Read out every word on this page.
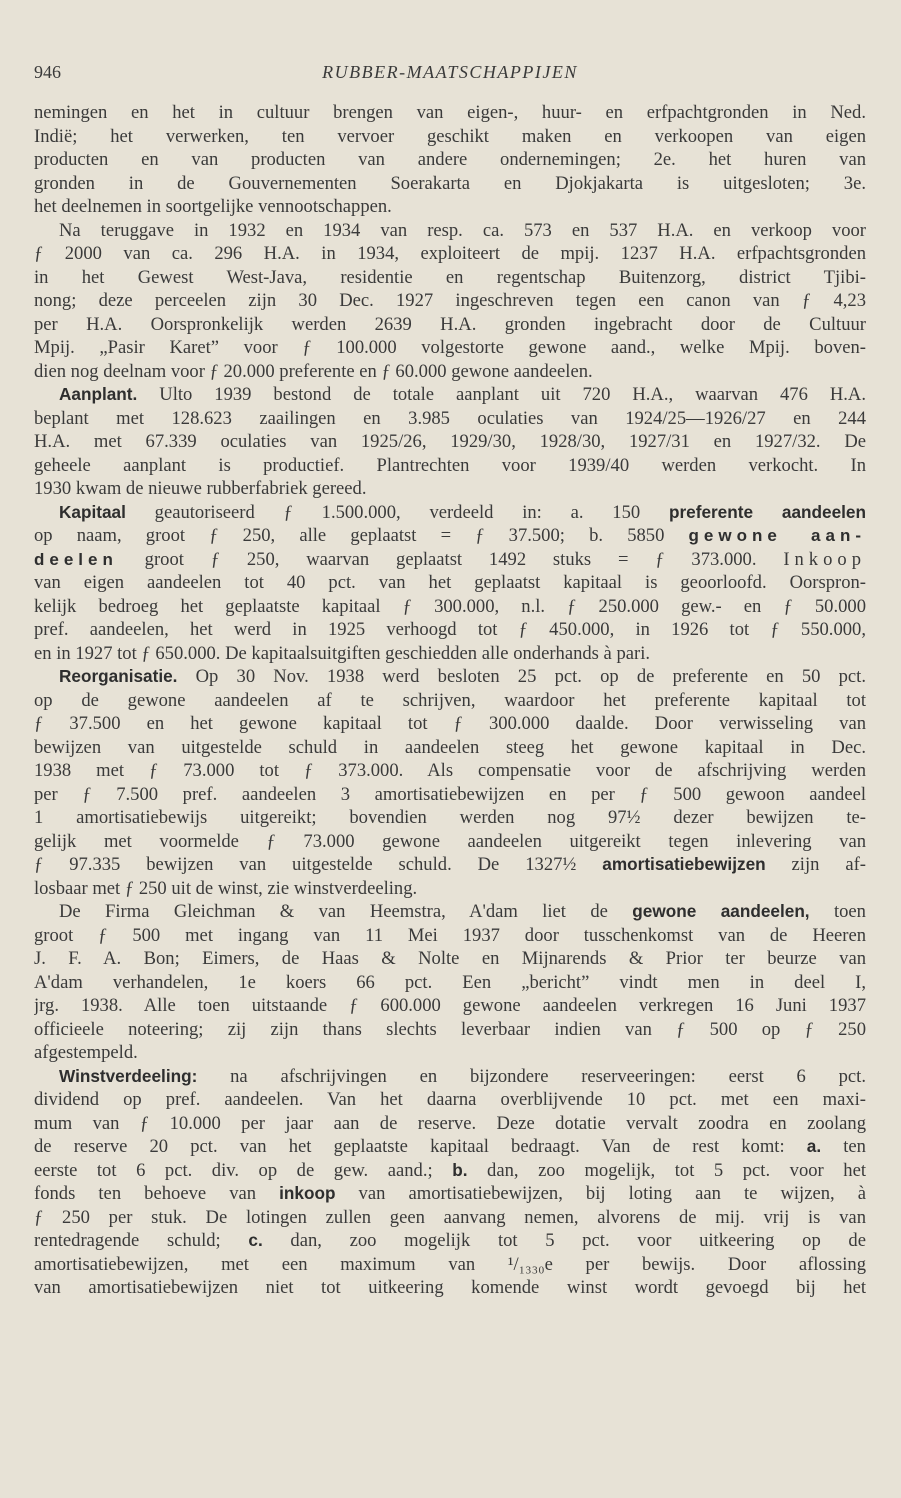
946	RUBBER-MAATSCHAPPIJEN
nemingen en het in cultuur brengen van eigen-, huur- en erfpachtgronden in Ned.
Indië; het verwerken, ten vervoer geschikt maken en verkoopen van eigen
producten en van producten van andere ondernemingen; 2e. het huren van
gronden in de Gouvernementen Soerakarta en Djokjakarta is uitgesloten; 3e.
het deelnemen in soortgelijke vennootschappen.
Na teruggave in 1932 en 1934 van resp. ca. 573 en 537 H.A. en verkoop voor
ƒ 2000 van ca. 296 H.A. in 1934, exploiteert de mpij. 1237 H.A. erfpachtsgronden
in het Gewest West-Java, residentie en regentschap Buitenzorg, district Tjibi-
nong; deze perceelen zijn 30 Dec. 1927 ingeschreven tegen een canon van ƒ 4,23
per H.A. Oorspronkelijk werden 2639 H.A. gronden ingebracht door de Cultuur
Mpij. „Pasir Karet” voor ƒ 100.000 volgestorte gewone aand., welke Mpij. boven-
dien nog deelnam voor ƒ 20.000 preferente en ƒ 60.000 gewone aandeelen.
Aanplant. Ulto 1939 bestond de totale aanplant uit 720 H.A., waarvan 476 H.A.
beplant met 128.623 zaailingen en 3.985 oculaties van 1924/25—1926/27 en 244
H.A. met 67.339 oculaties van 1925/26, 1929/30, 1928/30, 1927/31 en 1927/32. De
geheele aanplant is productief. Plantrechten voor 1939/40 werden verkocht. In
1930 kwam de nieuwe rubberfabriek gereed.
Kapitaal geautoriseerd ƒ 1.500.000, verdeeld in: a. 150 preferente aandeelen
op naam, groot ƒ 250, alle geplaatst = ƒ 37.500; b. 5850 gewone aan-
deelen groot ƒ 250, waarvan geplaatst 1492 stuks = ƒ 373.000. Inkoop
van eigen aandeelen tot 40 pct. van het geplaatst kapitaal is geoorloofd. Oorspron-
kelijk bedroeg het geplaatste kapitaal ƒ 300.000, n.l. ƒ 250.000 gew.- en ƒ 50.000
pref. aandeelen, het werd in 1925 verhoogd tot ƒ 450.000, in 1926 tot ƒ 550.000,
en in 1927 tot ƒ 650.000. De kapitaalsuitgiften geschiedden alle onderhands à pari.
Reorganisatie. Op 30 Nov. 1938 werd besloten 25 pct. op de preferente en 50 pct.
op de gewone aandeelen af te schrijven, waardoor het preferente kapitaal tot
ƒ 37.500 en het gewone kapitaal tot ƒ 300.000 daalde. Door verwisseling van
bewijzen van uitgestelde schuld in aandeelen steeg het gewone kapitaal in Dec.
1938 met ƒ 73.000 tot ƒ 373.000. Als compensatie voor de afschrijving werden
per ƒ 7.500 pref. aandeelen 3 amortisatiebewijzen en per ƒ 500 gewoon aandeel
1 amortisatiebewijs uitgereikt; bovendien werden nog 97½ dezer bewijzen te-
gelijk met voormelde ƒ 73.000 gewone aandeelen uitgereikt tegen inlevering van
ƒ 97.335 bewijzen van uitgestelde schuld. De 1327½ amortisatiebewijzen zijn af-
losbaar met ƒ 250 uit de winst, zie winstverdeeling.
De Firma Gleichman & van Heemstra, A'dam liet de gewone aandeelen, toen
groot ƒ 500 met ingang van 11 Mei 1937 door tusschenkomst van de Heeren
J. F. A. Bon; Eimers, de Haas & Nolte en Mijnarends & Prior ter beurze van
A'dam verhandelen, 1e koers 66 pct. Een „bericht” vindt men in deel I,
jrg. 1938. Alle toen uitstaande ƒ 600.000 gewone aandeelen verkregen 16 Juni 1937
officieele noteering; zij zijn thans slechts leverbaar indien van ƒ 500 op ƒ 250
afgestempeld.
Winstverdeeling: na afschrijvingen en bijzondere reserveeringen: eerst 6 pct.
dividend op pref. aandeelen. Van het daarna overblijvende 10 pct. met een maxi-
mum van ƒ 10.000 per jaar aan de reserve. Deze dotatie vervalt zoodra en zoolang
de reserve 20 pct. van het geplaatste kapitaal bedraagt. Van de rest komt: a. ten
eerste tot 6 pct. div. op de gew. aand.; b. dan, zoo mogelijk, tot 5 pct. voor het
fonds ten behoeve van inkoop van amortisatiebewijzen, bij loting aan te wijzen, à
ƒ 250 per stuk. De lotingen zullen geen aanvang nemen, alvorens de mij. vrij is van
rentedragende schuld; c. dan, zoo mogelijk tot 5 pct. voor uitkeering op de
amortisatiebewijzen, met een maximum van ¹/₁₃₃₀e per bewijs. Door aflossing
van amortisatiebewijzen niet tot uitkeering komende winst wordt gevoegd bij het
